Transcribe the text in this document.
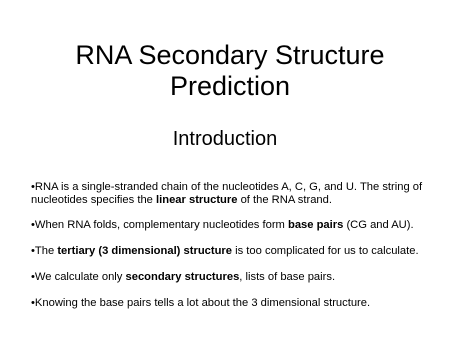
RNA Secondary Structure Prediction
Introduction
•RNA is a single-stranded chain of the nucleotides A, C, G, and U. The string of nucleotides specifies the linear structure of the RNA strand.
•When RNA folds, complementary nucleotides form base pairs (CG and AU).
•The tertiary (3 dimensional) structure is too complicated for us to calculate.
•We calculate only secondary structures, lists of base pairs.
•Knowing the base pairs tells a lot about the 3 dimensional structure.
